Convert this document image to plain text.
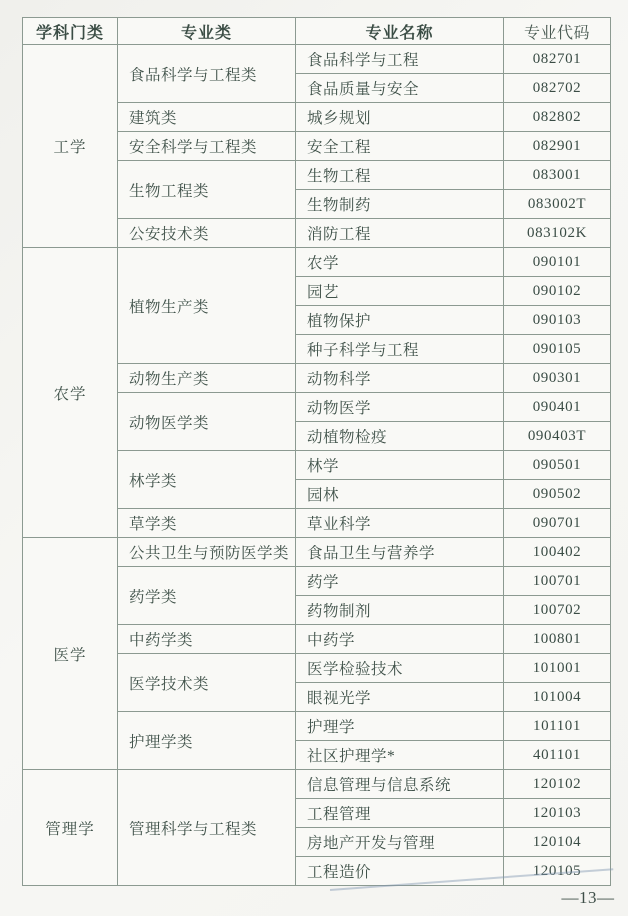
学科门类	专业类	专业名称	专业代码
工学	食品科学与工程类	食品科学与工程	082701
		食品质量与安全	082702
	建筑类	城乡规划	082802
	安全科学与工程类	安全工程	082901
	生物工程类	生物工程	083001
		生物制药	083002T
	公安技术类	消防工程	083102K
农学	植物生产类	农学	090101
		园艺	090102
		植物保护	090103
		种子科学与工程	090105
	动物生产类	动物科学	090301
	动物医学类	动物医学	090401
		动植物检疫	090403T
	林学类	林学	090501
		园林	090502
	草学类	草业科学	090701
医学	公共卫生与预防医学类	食品卫生与营养学	100402
	药学类	药学	100701
		药物制剂	100702
	中药学类	中药学	100801
	医学技术类	医学检验技术	101001
		眼视光学	101004
	护理学类	护理学	101101
		社区护理学*	401101
管理学	管理科学与工程类	信息管理与信息系统	120102
		工程管理	120103
		房地产开发与管理	120104
		工程造价	120105
—13—
